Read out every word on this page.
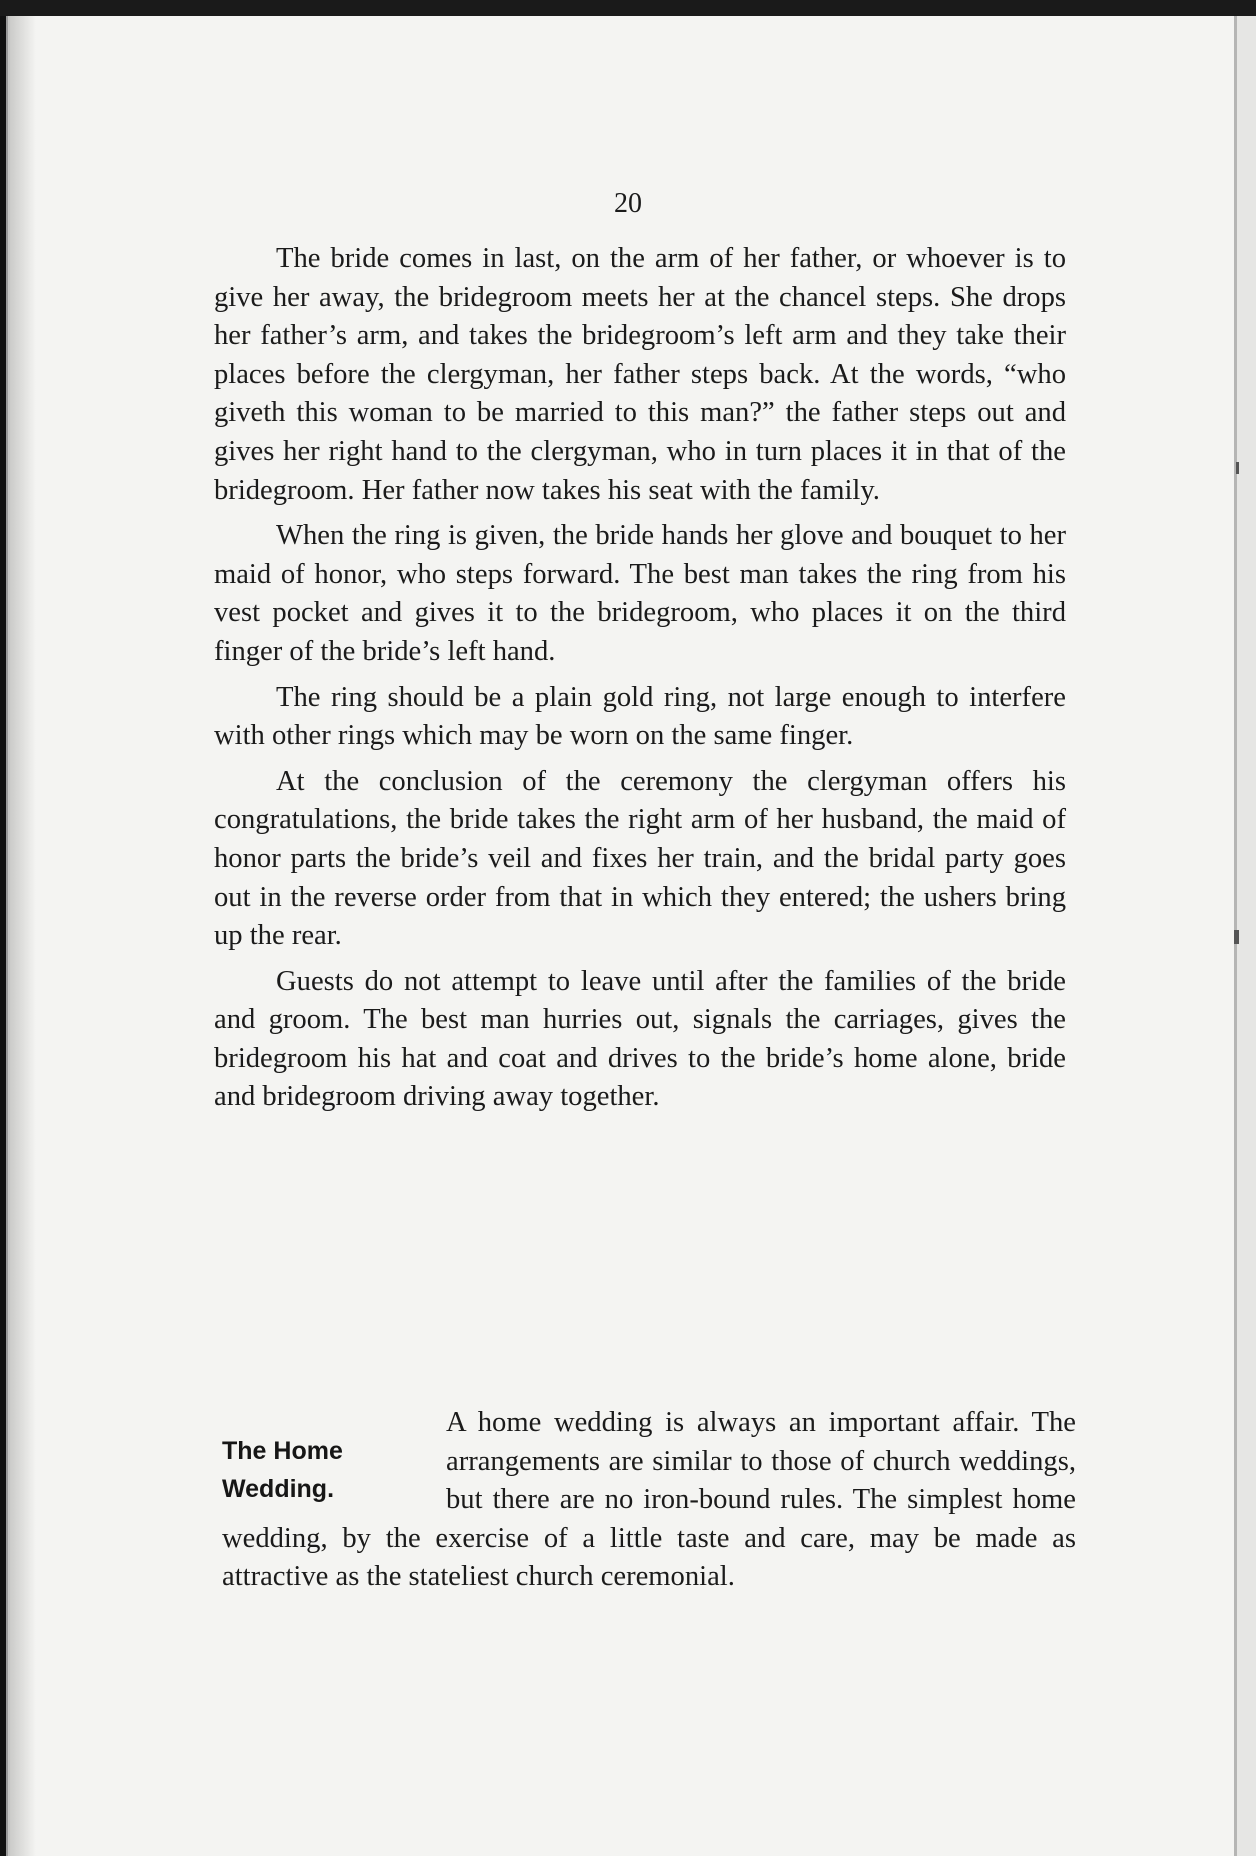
20

The bride comes in last, on the arm of her father, or whoever is to give her away, the bridegroom meets her at the chancel steps. She drops her father’s arm, and takes the bridegroom’s left arm and they take their places before the clergyman, her father steps back. At the words, “who giveth this woman to be married to this man?” the father steps out and gives her right hand to the clergyman, who in turn places it in that of the bridegroom. Her father now takes his seat with the family.

When the ring is given, the bride hands her glove and bouquet to her maid of honor, who steps forward. The best man takes the ring from his vest pocket and gives it to the bridegroom, who places it on the third finger of the bride’s left hand.

The ring should be a plain gold ring, not large enough to interfere with other rings which may be worn on the same finger.

At the conclusion of the ceremony the clergyman offers his congratulations, the bride takes the right arm of her husband, the maid of honor parts the bride’s veil and fixes her train, and the bridal party goes out in the reverse order from that in which they entered; the ushers bring up the rear.

Guests do not attempt to leave until after the families of the bride and groom. The best man hurries out, signals the carriages, gives the bridegroom his hat and coat and drives to the bride’s home alone, bride and bridegroom driving away together.

The Home Wedding.

A home wedding is always an important affair. The arrangements are similar to those of church weddings, but there are no iron-bound rules. The simplest home wedding, by the exercise of a little taste and care, may be made as attractive as the stateliest church ceremonial.
